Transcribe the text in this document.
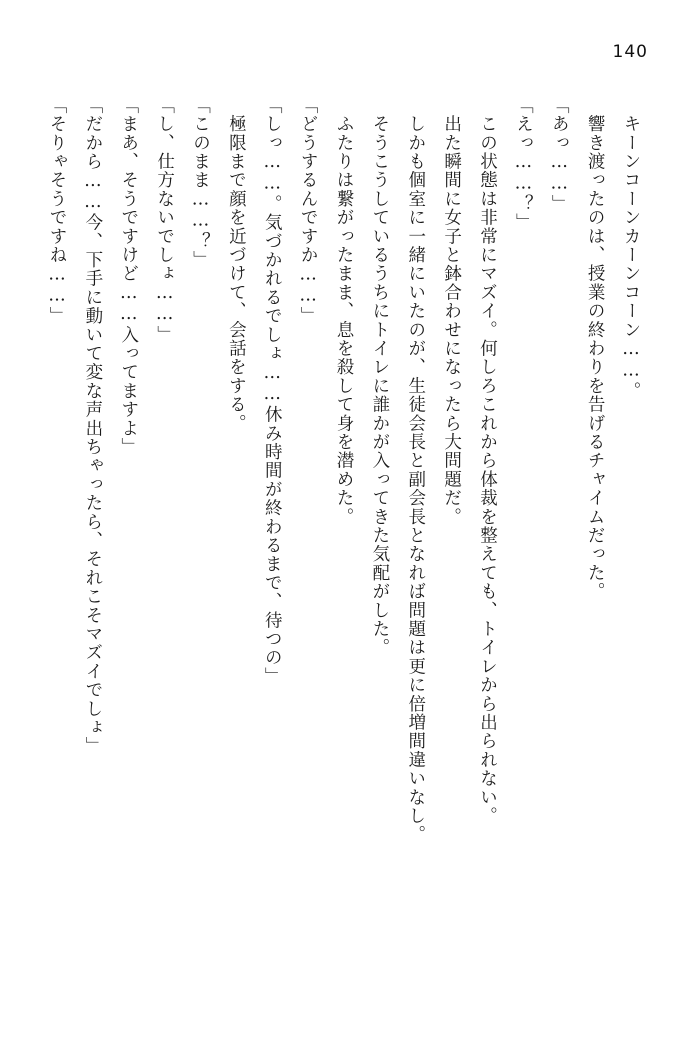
140

　キーンコーンカーンコーン……。

　響き渡ったのは、授業の終わりを告げるチャイムだった。

「あっ……」

「えっ……？」

　この状態は非常にマズイ。何しろこれから体裁を整えても、トイレから出られない。

　出た瞬間に女子と鉢合わせになったら大問題だ。

　しかも個室に一緒にいたのが、生徒会長と副会長となれば問題は更に倍増間違いなし。

　そうこうしているうちにトイレに誰かが入ってきた気配がした。

　ふたりは繋がったまま、息を殺して身を潜めた。

「どうするんですか……」

「しっ……。気づかれるでしょ……休み時間が終わるまで、待つの」

　極限まで顔を近づけて、会話をする。

「このまま……？」

「し、仕方ないでしょ……」

「まあ、そうですけど……入ってますよ」

「だから……今、下手に動いて変な声出ちゃったら、それこそマズイでしょ」

「そりゃそうですね……」
